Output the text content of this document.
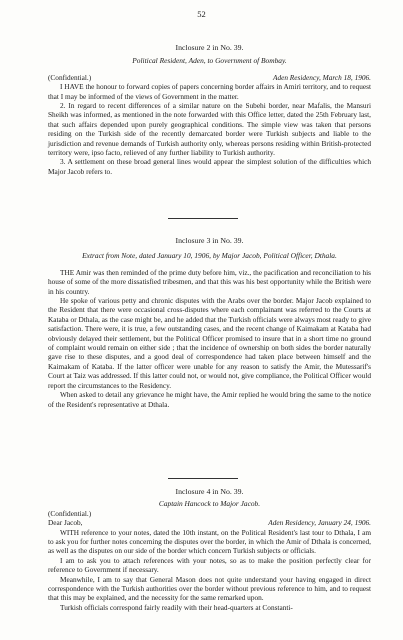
52
Inclosure 2 in No. 39.
Political Resident, Aden, to Government of Bombay.
(Confidential.)	Aden Residency, March 18, 1906.

I HAVE the honour to forward copies of papers concerning border affairs in Amiri territory, and to request that I may be informed of the views of Government in the matter.

2. In regard to recent differences of a similar nature on the Subehi border, near Mafalis, the Mansuri Sheikh was informed, as mentioned in the note forwarded with this Office letter, dated the 25th February last, that such affairs depended upon purely geographical conditions. The simple view was taken that persons residing on the Turkish side of the recently demarcated border were Turkish subjects and liable to the jurisdiction and revenue demands of Turkish authority only, whereas persons residing within British-protected territory were, ipso facto, relieved of any further liability to Turkish authority.

3. A settlement on these broad general lines would appear the simplest solution of the difficulties which Major Jacob refers to.

Inclosure 3 in No. 39.
Extract from Note, dated January 10, 1906, by Major Jacob, Political Officer, Dthala.

THE Amir was then reminded of the prime duty before him, viz., the pacification and reconciliation to his house of some of the more dissatisfied tribesmen, and that this was his best opportunity while the British were in his country.

He spoke of various petty and chronic disputes with the Arabs over the border. Major Jacob explained to the Resident that there were occasional cross-disputes where each complainant was referred to the Courts at Kataba or Dthala, as the case might be, and he added that the Turkish officials were always most ready to give satisfaction. There were, it is true, a few outstanding cases, and the recent change of Kaimakam at Kataba had obviously delayed their settlement, but the Political Officer promised to insure that in a short time no ground of complaint would remain on either side ; that the incidence of ownership on both sides the border naturally gave rise to these disputes, and a good deal of correspondence had taken place between himself and the Kaimakam of Kataba. If the latter officer were unable for any reason to satisfy the Amir, the Mutessarif's Court at Taiz was addressed. If this latter could not, or would not, give compliance, the Political Officer would report the circumstances to the Residency.

When asked to detail any grievance he might have, the Amir replied he would bring the same to the notice of the Resident's representative at Dthala.

Inclosure 4 in No. 39.
Captain Hancock to Major Jacob.
(Confidential.)
Dear Jacob,	Aden Residency, January 24, 1906.

WITH reference to your notes, dated the 10th instant, on the Political Resident's last tour to Dthala, I am to ask you for further notes concerning the disputes over the border, in which the Amir of Dthala is concerned, as well as the disputes on our side of the border which concern Turkish subjects or officials.

I am to ask you to attach references with your notes, so as to make the position perfectly clear for reference to Government if necessary.

Meanwhile, I am to say that General Mason does not quite understand your having engaged in direct correspondence with the Turkish authorities over the border without previous reference to him, and to request that this may be explained, and the necessity for the same remarked upon.

Turkish officials correspond fairly readily with their head-quarters at Constanti-
